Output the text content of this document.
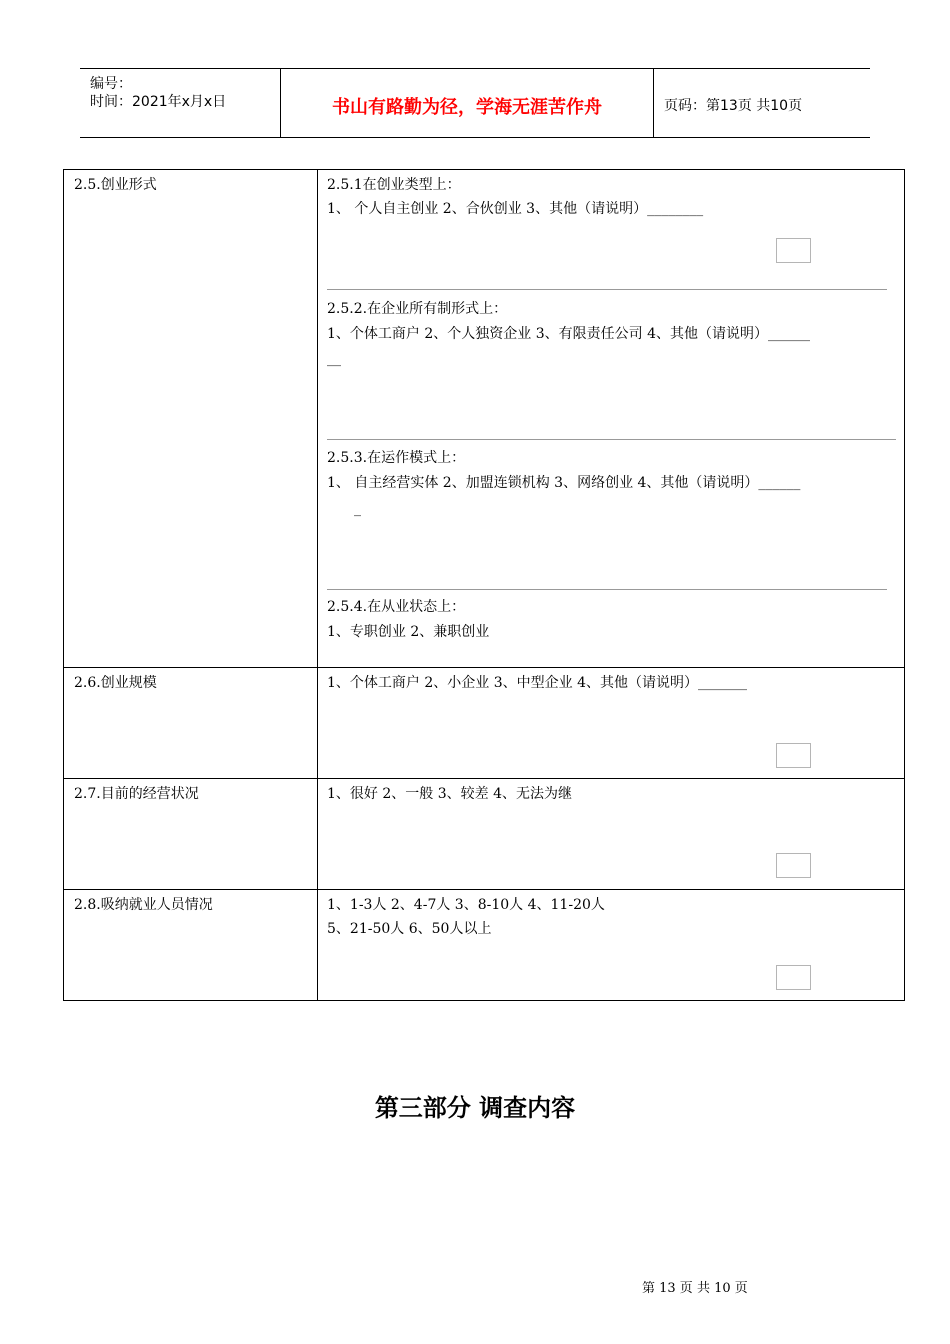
编号：
时间：2021年x月x日	书山有路勤为径，学海无涯苦作舟	页码：第13页 共10页
2.5.创业形式	2.5.1在创业类型上：
1、 个人自主创业 2、合伙创业 3、其他（请说明）________
2.5.2.在企业所有制形式上：
1、个体工商户 2、个人独资企业 3、有限责任公司 4、其他（请说明）______
__
2.5.3.在运作模式上：
1、 自主经营实体 2、加盟连锁机构 3、网络创业 4、其他（请说明）______
_
2.5.4.在从业状态上：
1、专职创业 2、兼职创业
2.6.创业规模	1、个体工商户 2、小企业 3、中型企业 4、其他（请说明）_______
2.7.目前的经营状况	1、很好 2、一般 3、较差 4、无法为继
2.8.吸纳就业人员情况	1、1-3人 2、4-7人 3、8-10人 4、11-20人
5、21-50人 6、50人以上
第三部分 调查内容
第 13 页 共 10 页
